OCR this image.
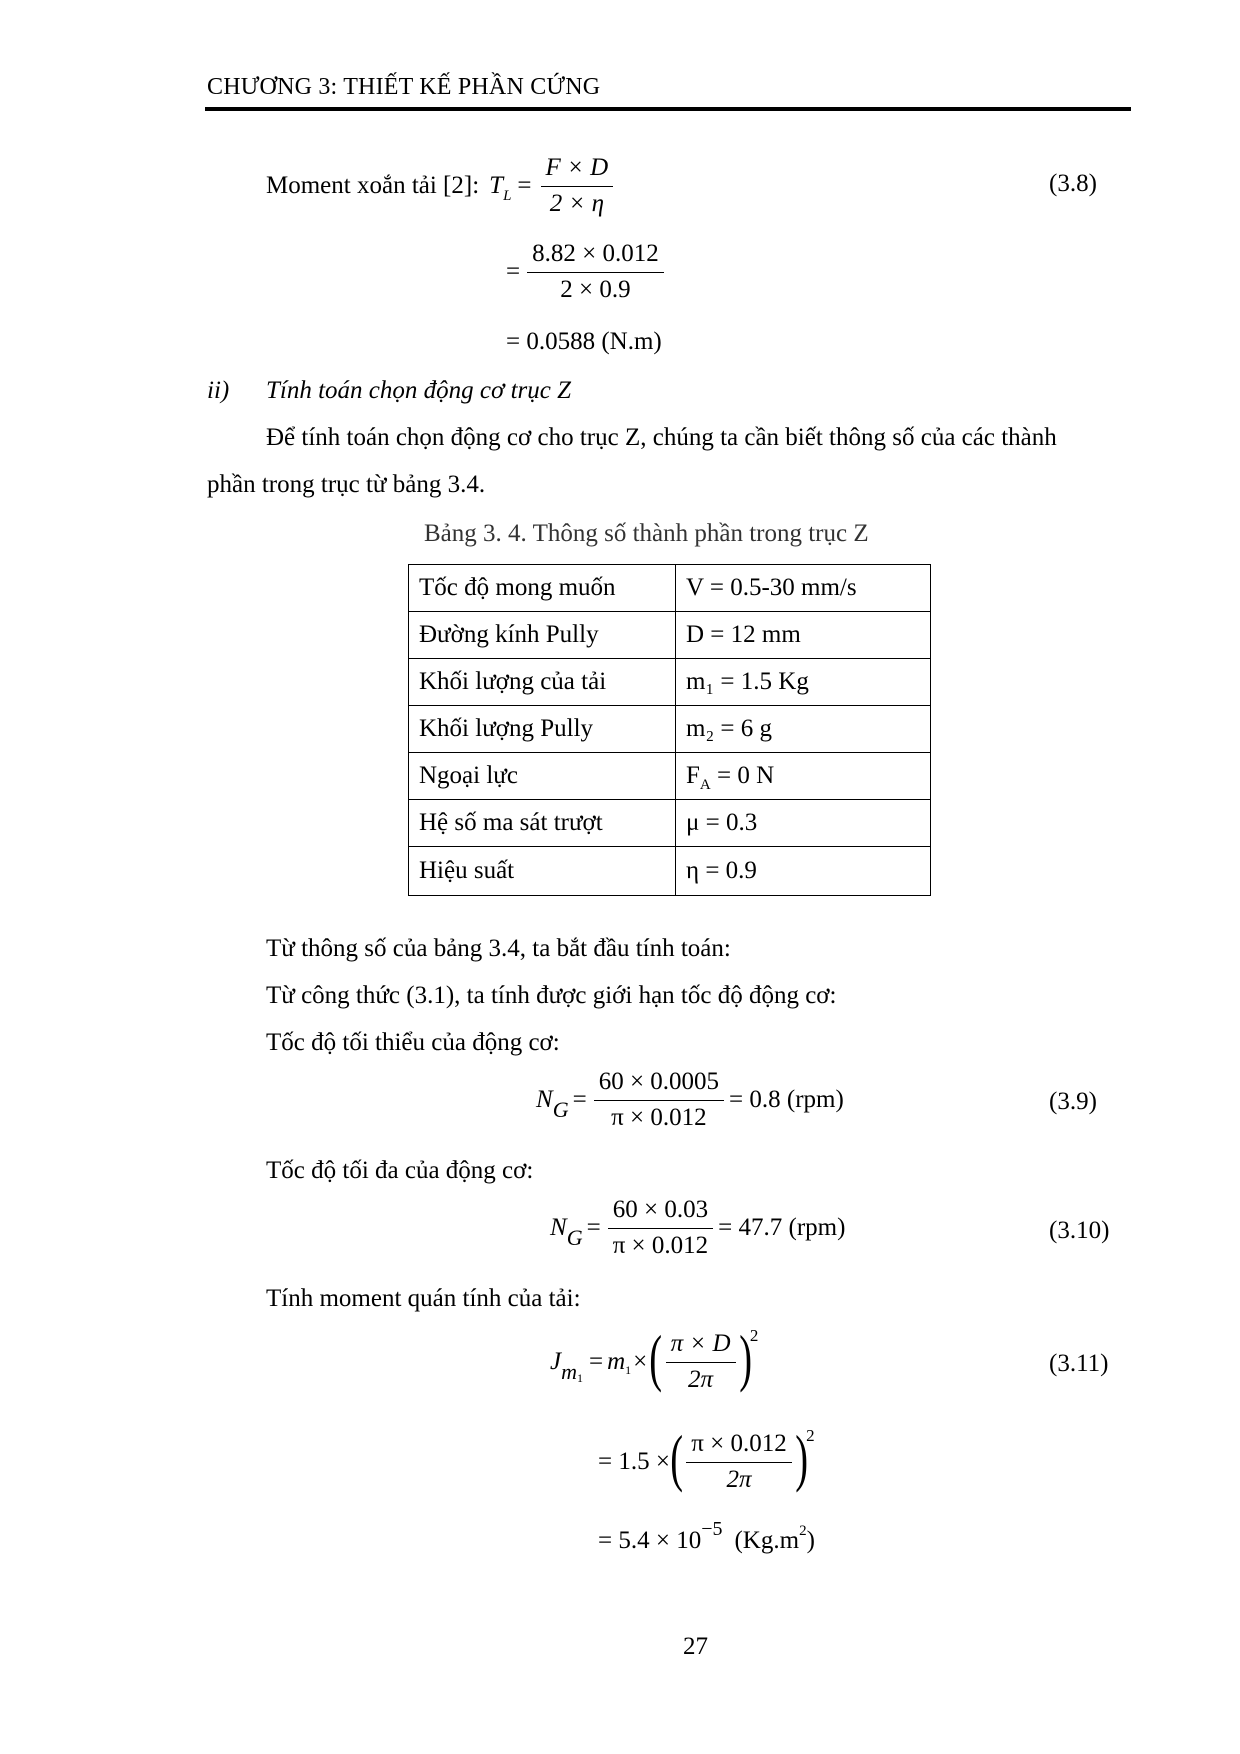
CHƯƠNG 3: THIẾT KẾ PHẦN CỨNG
Moment xoắn tải [2]: T $L = \frac{F \times D}{2 \times \eta}$	(3.8)
= $\frac{8.82 \times 0.012}{2 \times 0.9}$
= 0.0588 (N.m)
ii) Tính toán chọn động cơ trục Z
Để tính toán chọn động cơ cho trục Z, chúng ta cần biết thông số của các thành
phần trong trục từ bảng 3.4.
Bảng 3. 4. Thông số thành phần trong trục Z
Tốc độ mong muốn	V = 0.5-30 mm/s
Đường kính Pully	D = 12 mm
Khối lượng của tải	m₁ = 1.5 Kg
Khối lượng Pully	m₂ = 6 g
Ngoại lực	$F_A = 0$ N
Hệ số ma sát trượt	μ = 0.3
Hiệu suất	η = 0.9
Từ thông số của bảng 3.4, ta bắt đầu tính toán:
Từ công thức (3.1), ta tính được giới hạn tốc độ động cơ:
Tốc độ tối thiểu của động cơ:
N $G = \frac{60 \times 0.0005}{\pi \times 0.012} = 0.8$ (rpm)	(3.9)
Tốc độ tối đa của động cơ:
N $G = \frac{60 \times 0.03}{\pi \times 0.012} = 47.7$ (rpm)	(3.10)
Tính moment quán tính của tải:
J m 1
= m 1 × ( $\frac{\pi \times D}{2\pi}$ )
2
(3.11)
= 1.5 × ( $\frac{\pi \times 0.012}{2\pi}$ )
2
= 5.4 × 10 −5 (Kg.m 2 )
27
